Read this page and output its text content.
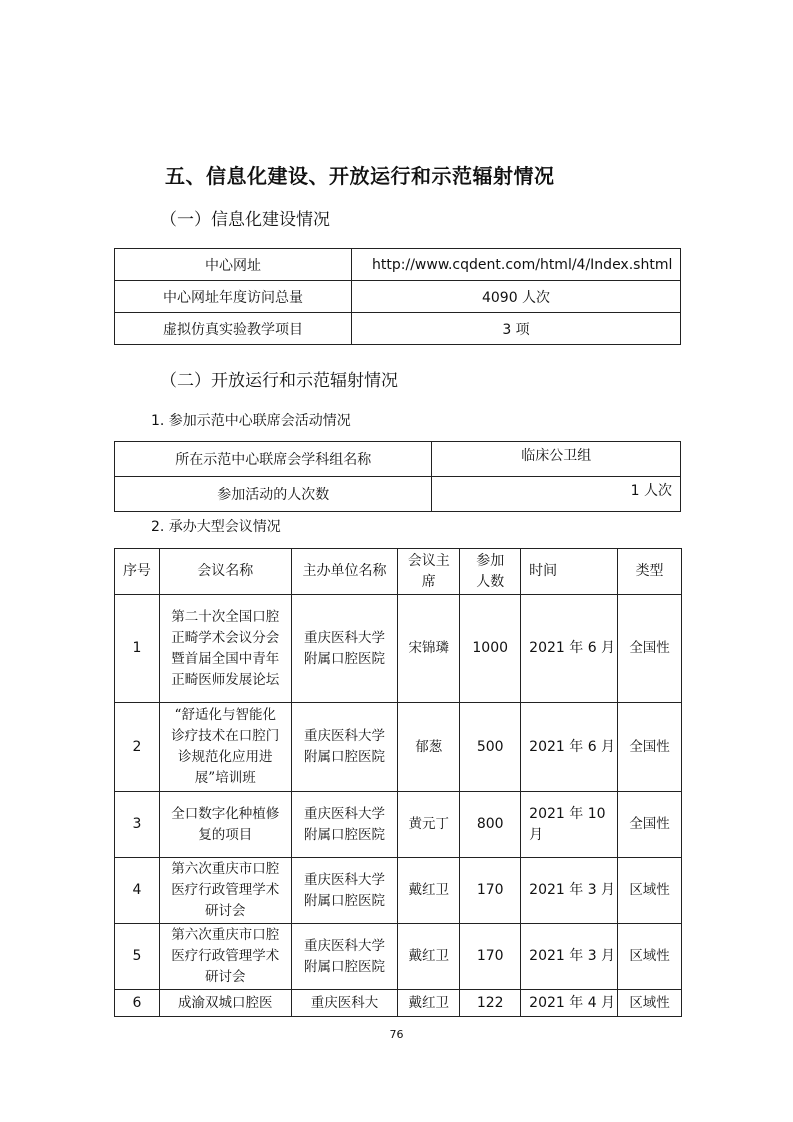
五、信息化建设、开放运行和示范辐射情况
（一）信息化建设情况
中心网址	http://www.cqdent.com/html/4/Index.shtml
中心网址年度访问总量	4090 人次
虚拟仿真实验教学项目	3 项
（二）开放运行和示范辐射情况
1. 参加示范中心联席会活动情况
所在示范中心联席会学科组名称	临床公卫组
参加活动的人次数	1 人次
2. 承办大型会议情况
序号	会议名称	主办单位名称	会议主席	参加人数	时间	类型
1	第二十次全国口腔正畸学术会议分会暨首届全国中青年正畸医师发展论坛	重庆医科大学附属口腔医院	宋锦璘	1000	2021 年 6 月	全国性
2	“舒适化与智能化诊疗技术在口腔门诊规范化应用进展”培训班	重庆医科大学附属口腔医院	郁葱	500	2021 年 6 月	全国性
3	全口数字化种植修复的项目	重庆医科大学附属口腔医院	黄元丁	800	2021 年 10 月	全国性
4	第六次重庆市口腔医疗行政管理学术研讨会	重庆医科大学附属口腔医院	戴红卫	170	2021 年 3 月	区域性
5	第六次重庆市口腔医疗行政管理学术研讨会	重庆医科大学附属口腔医院	戴红卫	170	2021 年 3 月	区域性
6	成渝双城口腔医	重庆医科大	戴红卫	122	2021 年 4 月	区域性
76
